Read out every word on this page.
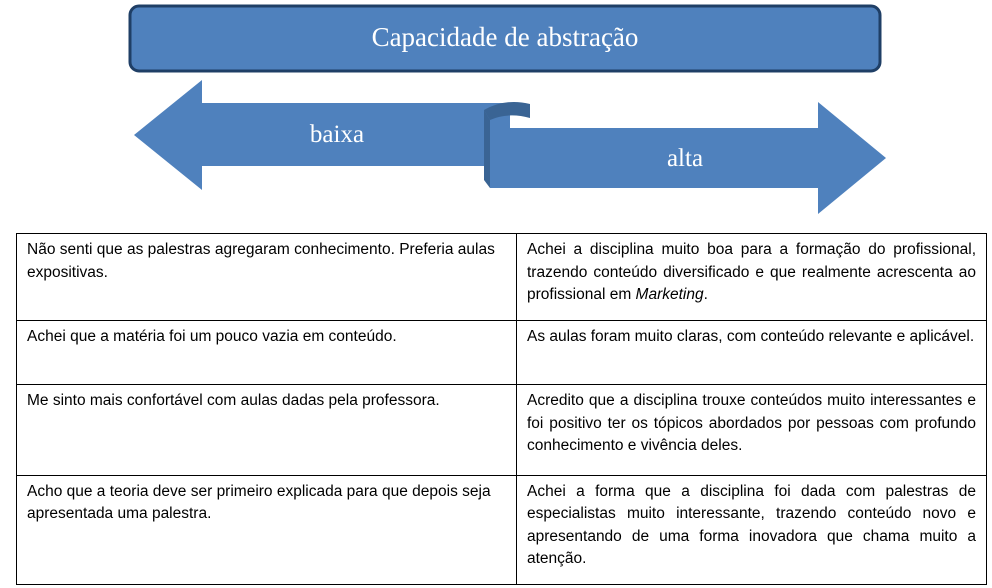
Capacidade de abstração
baixa
alta
Não senti que as palestras agregaram conhecimento. Preferia aulas expositivas.	Achei a disciplina muito boa para a formação do profissional, trazendo conteúdo diversificado e que realmente acrescenta ao profissional em Marketing.
Achei que a matéria foi um pouco vazia em conteúdo.	As aulas foram muito claras, com conteúdo relevante e aplicável.
Me sinto mais confortável com aulas dadas pela professora.	Acredito que a disciplina trouxe conteúdos muito interessantes e foi positivo ter os tópicos abordados por pessoas com profundo conhecimento e vivência deles.
Acho que a teoria deve ser primeiro explicada para que depois seja apresentada uma palestra.	Achei a forma que a disciplina foi dada com palestras de especialistas muito interessante, trazendo conteúdo novo e apresentando de uma forma inovadora que chama muito a atenção.
